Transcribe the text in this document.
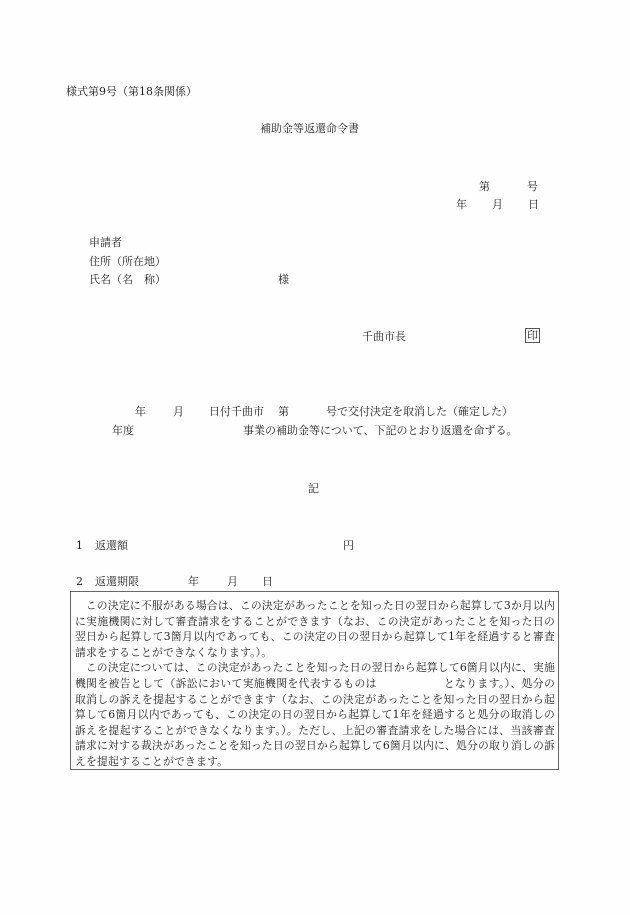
様式第9号（第18条関係）
補助金等返還命令書
第	号
年 月 日
申請者
住所（所在地）
氏名（名　称）	様
千曲市長	印
年 月 日付千曲市 第	号で交付決定を取消した（確定した）
年度	事業の補助金等について、下記のとおり返還を命ずる。
記
1 返還額	円
2 返還期限	年	月 日

この決定に不服がある場合は、この決定があったことを知った日の翌日から起算して3か月以内に実施機関に対して審査請求をすることができます（なお、この決定があったことを知った日の翌日から起算して3箇月以内であっても、この決定の日の翌日から起算して1年を経過すると審査請求をすることができなくなります。）。

この決定については、この決定があったことを知った日の翌日から起算して6箇月以内に、実施機関を被告として（訴訟において実施機関を代表するものは　　　　　　となります。）、処分の取消しの訴えを提起することができます（なお、この決定があったことを知った日の翌日から起算して6箇月以内であっても、この決定の日の翌日から起算して1年を経過すると処分の取消しの訴えを提起することができなくなります。）。ただし、上記の審査請求をした場合には、当該審査請求に対する裁決があったことを知った日の翌日から起算して6箇月以内に、処分の取り消しの訴えを提起することができます。
